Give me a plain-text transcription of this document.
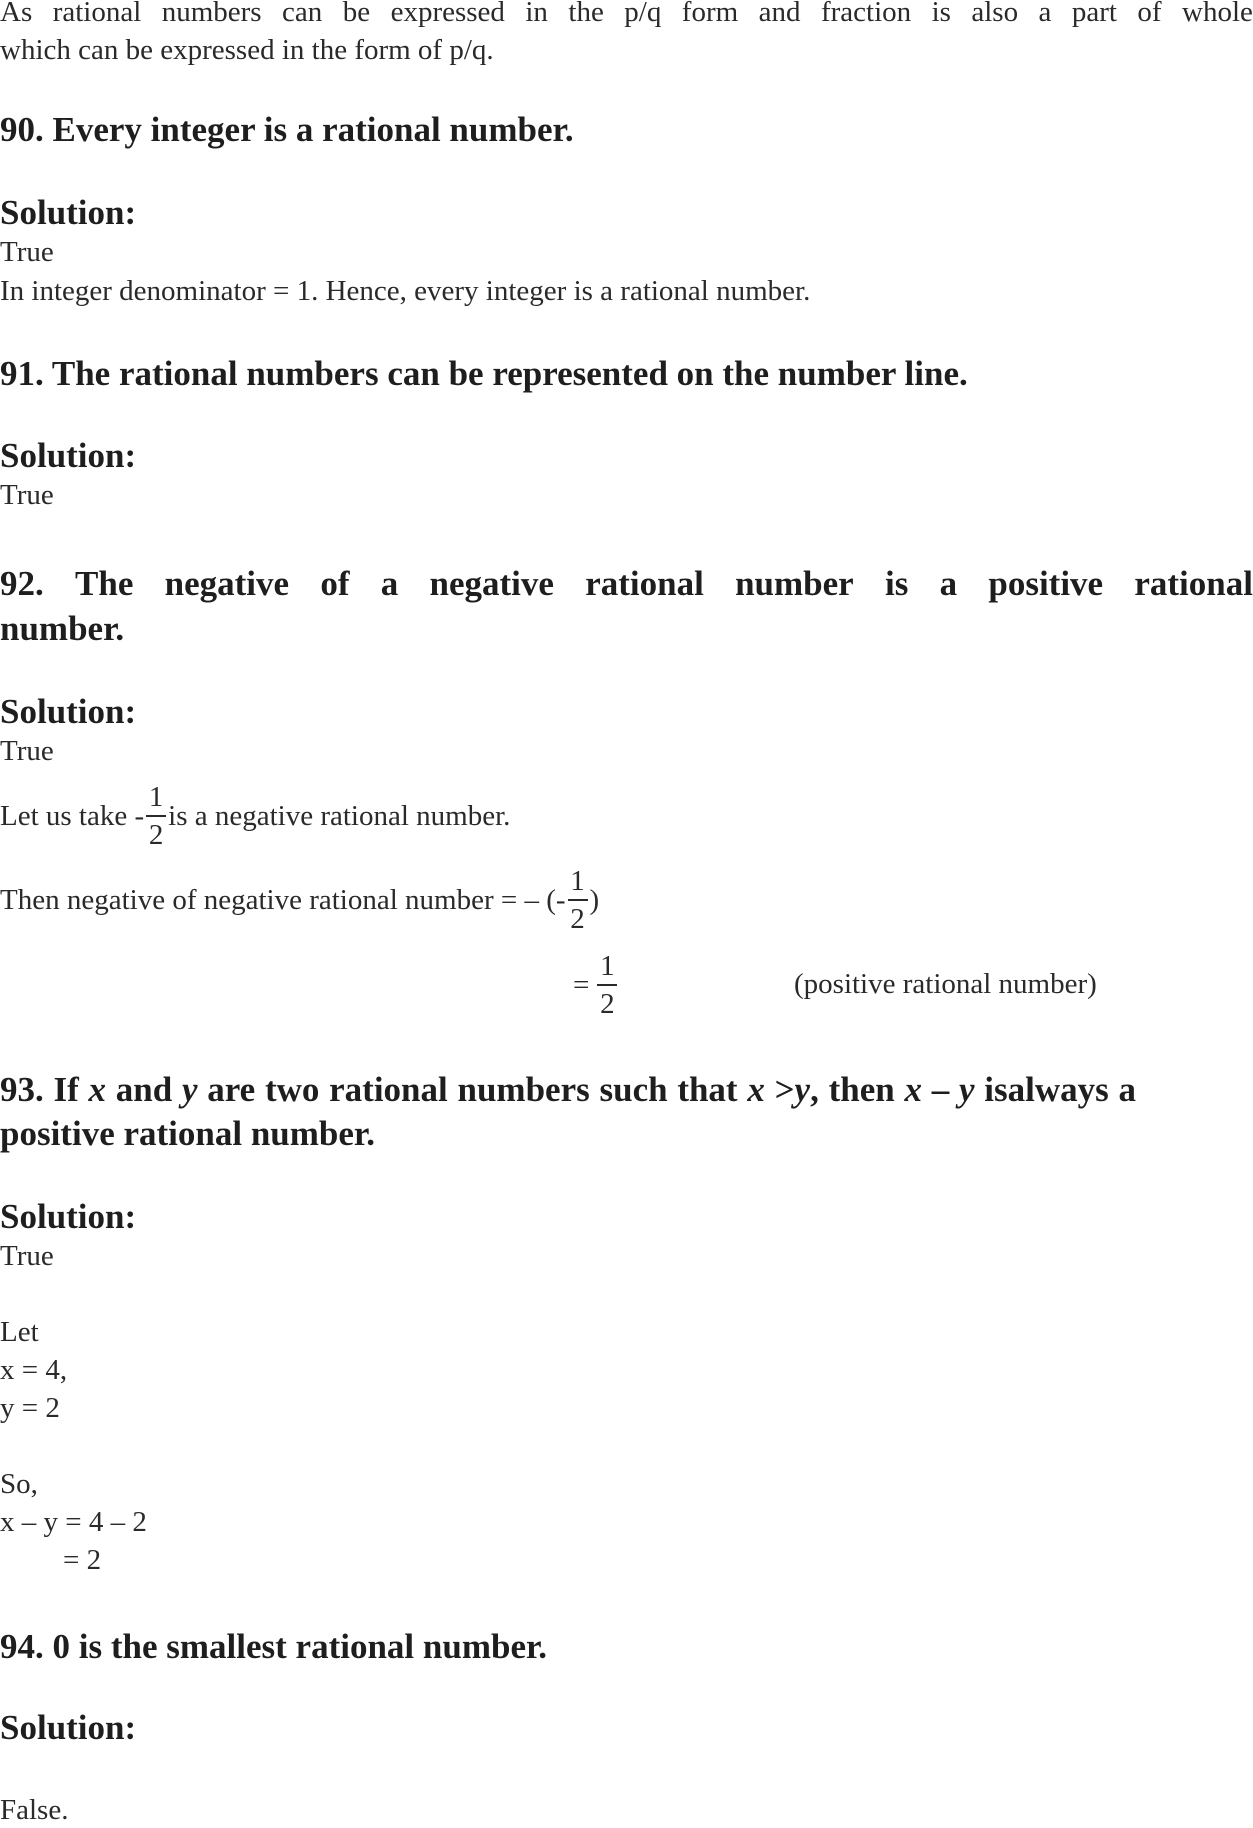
As rational numbers can be expressed in the p/q form and fraction is also a part of whole
which can be expressed in the form of p/q.
90. Every integer is a rational number.
Solution:
True
In integer denominator = 1. Hence, every integer is a rational number.
91. The rational numbers can be represented on the number line.
Solution:
True
92. The negative of a negative rational number is a positive rational
number.
Solution:
True
Let us take - $\frac{1}{2}$ is a negative rational number.
Then negative of negative rational number = – (- $\frac{1}{2}$ )
= $\frac{1}{2}$	(positive rational number)
93. If x and y are two rational numbers such that x >y, then x – y isalways a
positive rational number.
Solution:
True
Let
x = 4,
y = 2
So,
x – y = 4 – 2
= 2
94. 0 is the smallest rational number.
Solution:
False.
